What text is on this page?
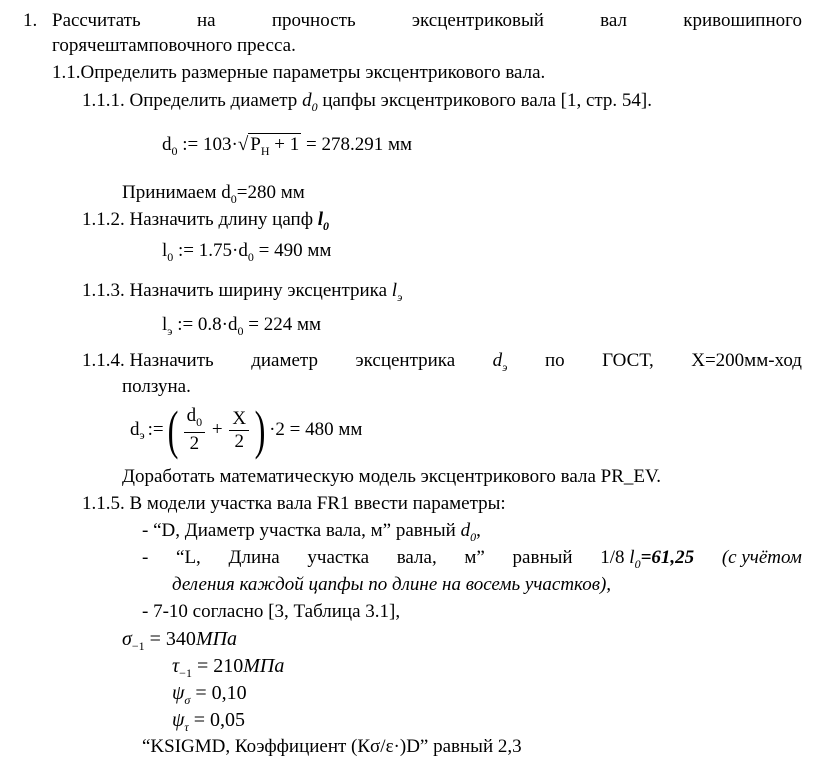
1. Рассчитать	на	прочность	эксцентриковый	вал	кривошипного
горячештамповочного пресса.
1.1.Определить размерные параметры эксцентрикового вала.
1.1.1. Определить диаметр $d_0$ цапфы эксцентрикового вала [1, стр. 54].
$d_0$ := 103·√ $P_H + 1 = 278.291$ мм
Принимаем $d_0=280$ мм
1.1.2. Назначить длину цапф $l_0$
$l_0$ := $1.75\cdot d_0 = 490$ мм
1.1.3. Назначить ширину эксцентрика $l_э$
$l_э$ := $0.8\cdot d_0 = 224$ мм
1.1.4. Назначить диаметр эксцентрика $d_э$ по ГОСТ, Х=200мм-ход
ползуна.
$d_э$ := ( $\frac{d_0}{2} + \frac{X}{2}$ ) ·2 = 480 мм
Доработать математическую модель эксцентрикового вала PR_EV.
1.1.5. В модели участка вала FR1 ввести параметры:
- “D, Диаметр участка вала, м” равный $d_0$,
- “L, Длина участка вала, м” равный 1/8 $l_0=61,25$ (с учётом
деления каждой цапфы по длине на восемь участков),
- 7-10 согласно [3, Таблица 3.1],
$\sigma_{-1} = 340МПа$
$\tau_{-1} = 210МПа$
$\psi_\sigma = 0,10$
$\psi_\tau = 0,05$
“KSIGMD, Коэффициент (Кσ/ε·)D” равный 2,3
